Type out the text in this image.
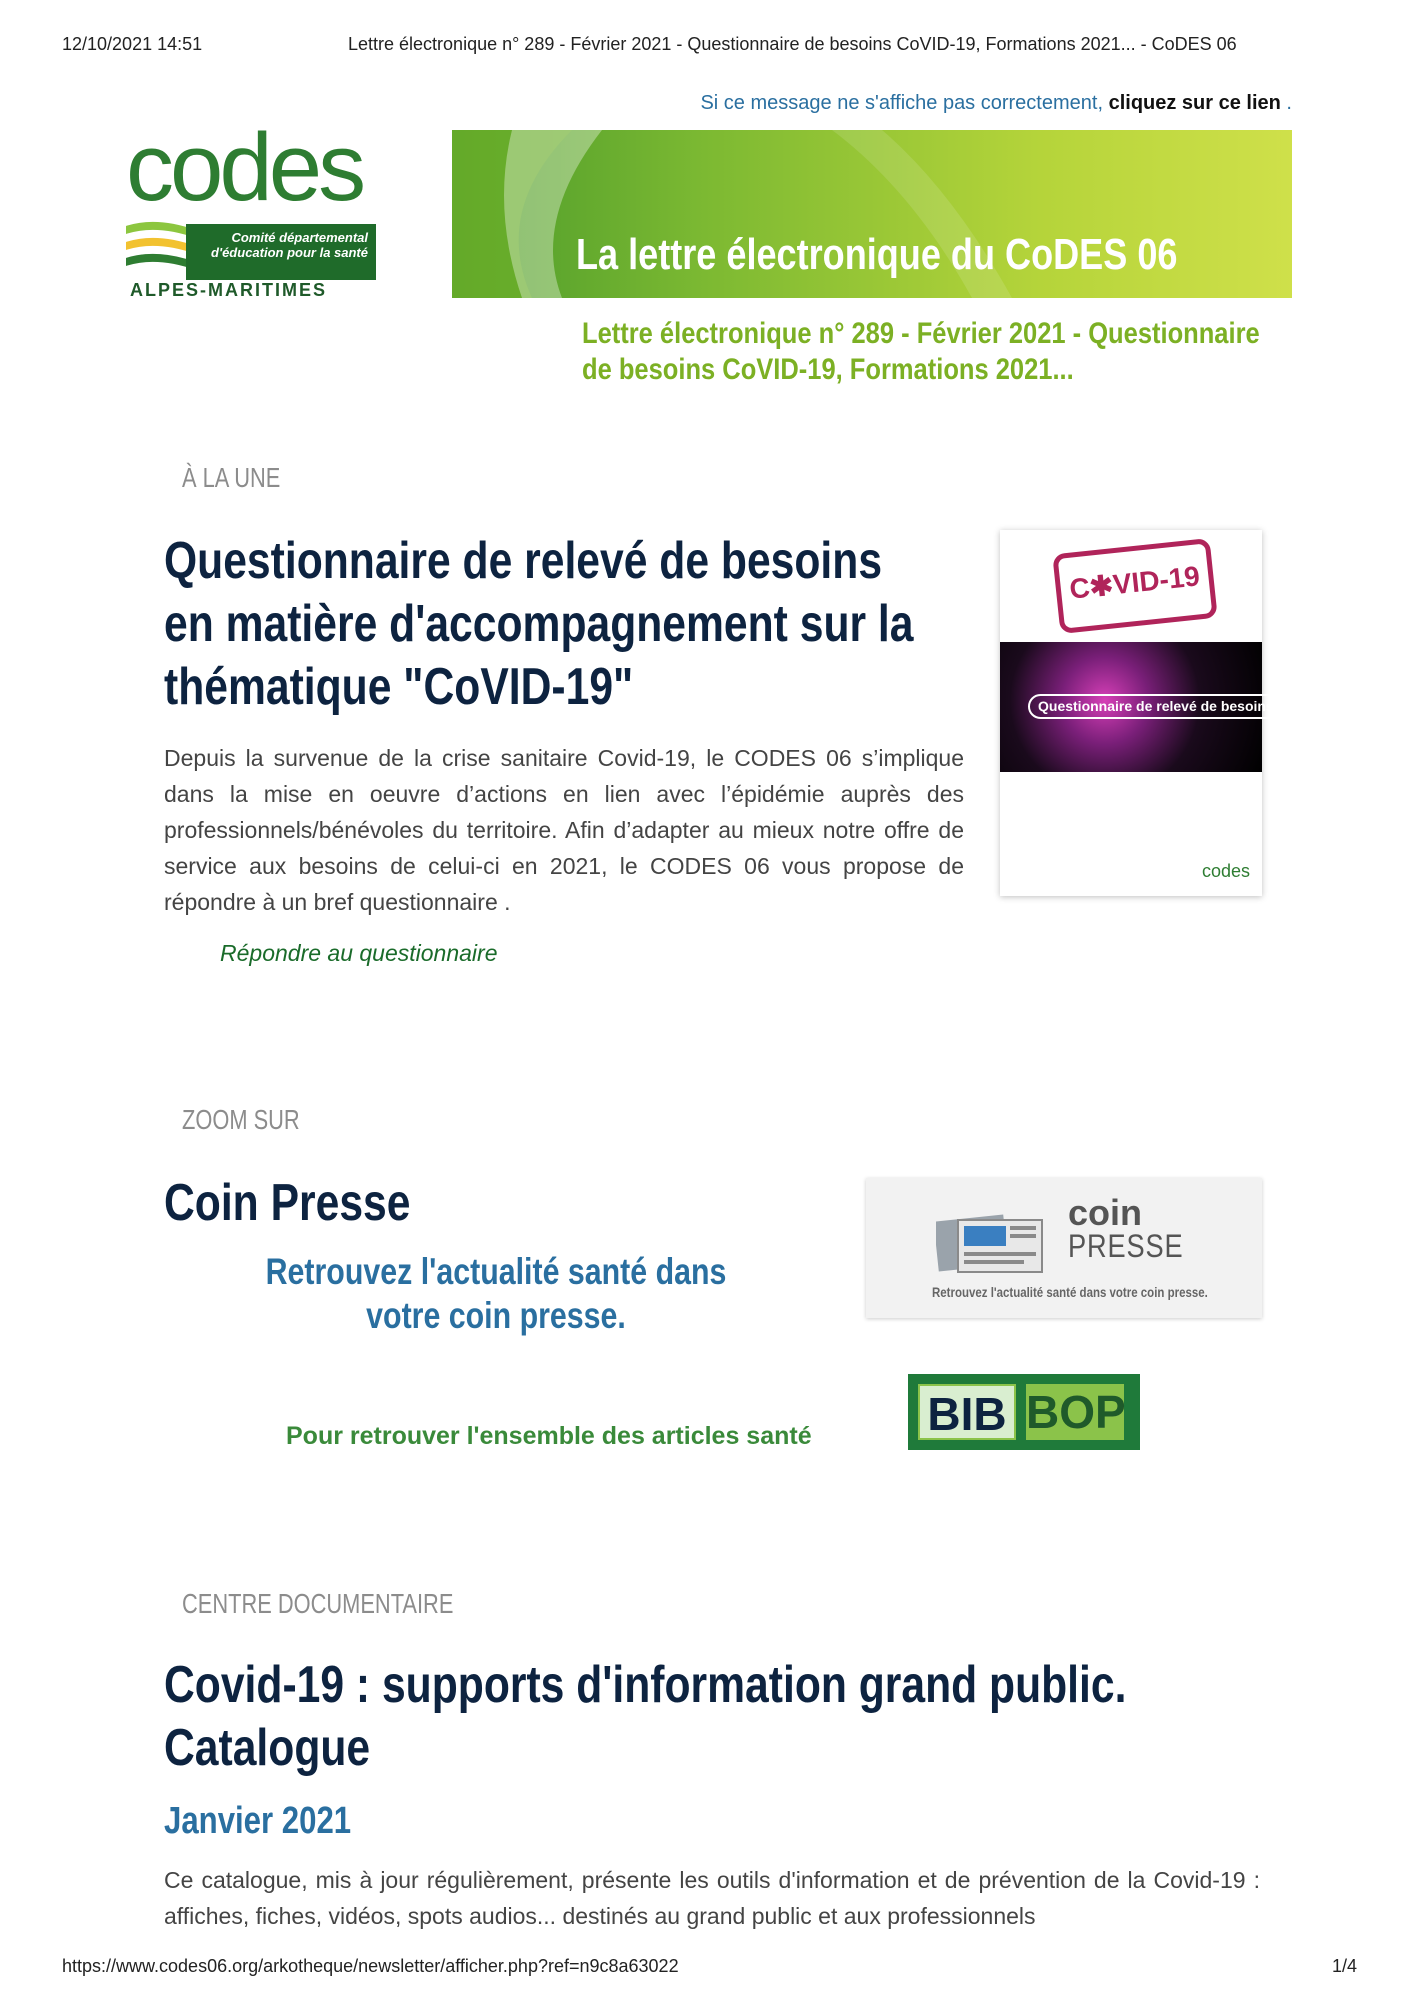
12/10/2021 14:51	Lettre électronique n° 289 - Février 2021 - Questionnaire de besoins CoVID-19, Formations 2021... - CoDES 06
Si ce message ne s'affiche pas correctement, cliquez sur ce lien .
codes
Comité départemental
d'éducation pour la santé
ALPES-MARITIMES
La lettre électronique du CoDES 06
Lettre électronique n° 289 - Février 2021 - Questionnaire de besoins CoVID-19, Formations 2021...
À LA UNE
Questionnaire de relevé de besoins en matière d'accompagnement sur la thématique "CoVID-19"
Depuis la survenue de la crise sanitaire Covid-19, le CODES 06 s’implique dans la mise en oeuvre d’actions en lien avec l’épidémie auprès des professionnels/bénévoles du territoire. Afin d’adapter au mieux notre offre de service aux besoins de celui-ci en 2021, le CODES 06 vous propose de répondre à un bref questionnaire .
Répondre au questionnaire
C✱VID-19
Questionnaire de relevé de besoins ⚲
codes
ZOOM SUR
Coin Presse
Retrouvez l'actualité santé dans votre coin presse.
coin
PRESSE
Retrouvez l'actualité santé dans votre coin presse.
Pour retrouver l'ensemble des articles santé	BIB BOP
CENTRE DOCUMENTAIRE
Covid-19 : supports d'information grand public. Catalogue
Janvier 2021
Ce catalogue, mis à jour régulièrement, présente les outils d'information et de prévention de la Covid-19 : affiches, fiches, vidéos, spots audios... destinés au grand public et aux professionnels
https://www.codes06.org/arkotheque/newsletter/afficher.php?ref=n9c8a63022	1/4
